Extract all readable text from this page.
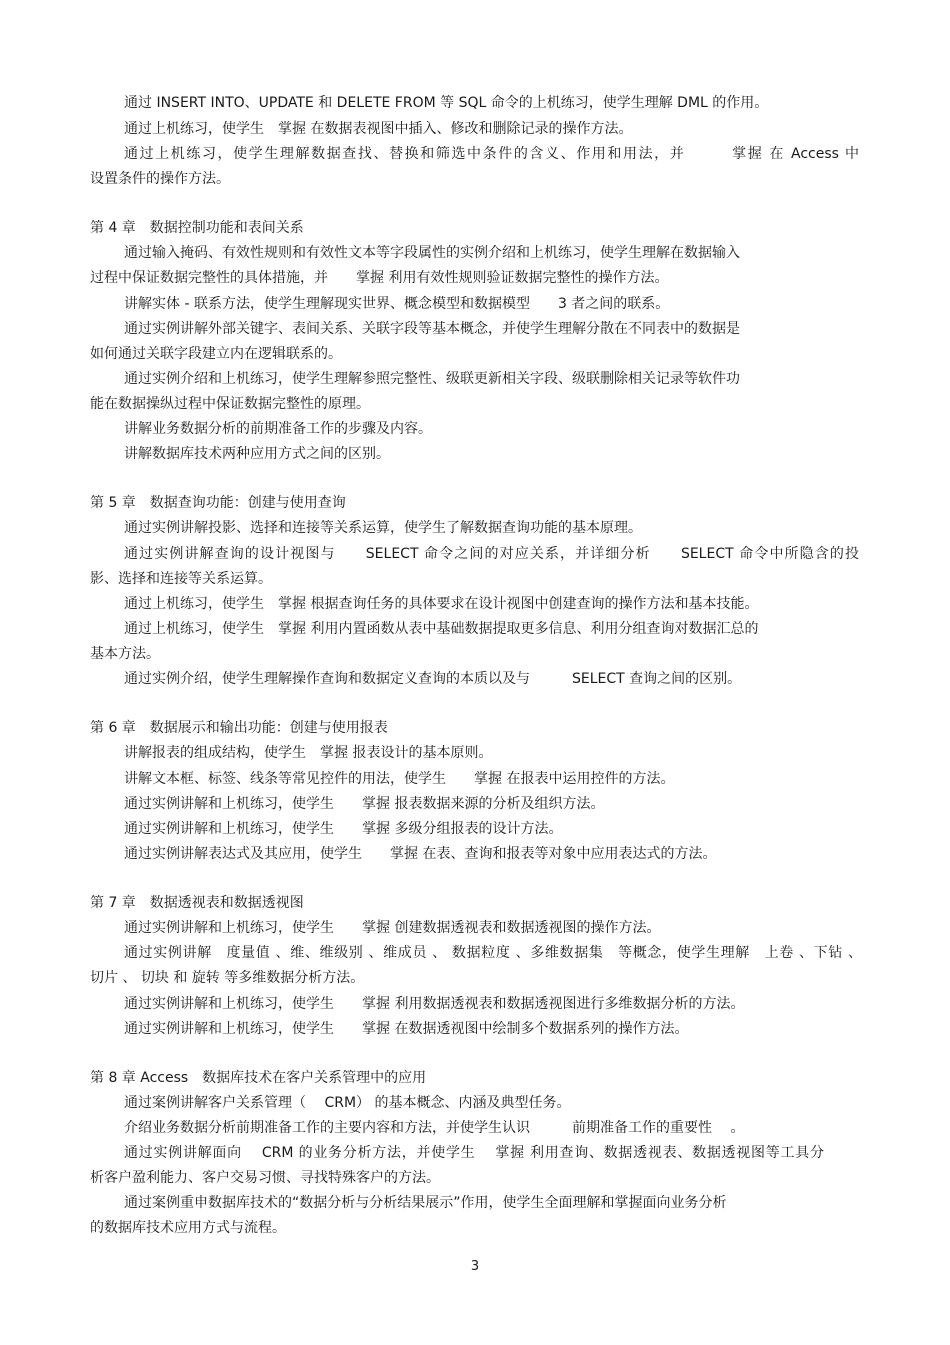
通过 INSERT INTO、UPDATE 和 DELETE FROM 等 SQL 命令的上机练习，使学生理解 DML 的作用。

通过上机练习，使学生　掌握 在数据表视图中插入、修改和删除记录的操作方法。

通过上机练习，使学生理解数据查找、替换和筛选中条件的含义、作用和用法，并　　　掌握 在 Access 中

设置条件的操作方法。

第 4 章　数据控制功能和表间关系

通过输入掩码、有效性规则和有效性文本等字段属性的实例介绍和上机练习，使学生理解在数据输入

过程中保证数据完整性的具体措施，并　　掌握 利用有效性规则验证数据完整性的操作方法。

讲解实体 - 联系方法，使学生理解现实世界、概念模型和数据模型　　3 者之间的联系。

通过实例讲解外部关键字、表间关系、关联字段等基本概念，并使学生理解分散在不同表中的数据是

如何通过关联字段建立内在逻辑联系的。

通过实例介绍和上机练习，使学生理解参照完整性、级联更新相关字段、级联删除相关记录等软件功

能在数据操纵过程中保证数据完整性的原理。

讲解业务数据分析的前期准备工作的步骤及内容。

讲解数据库技术两种应用方式之间的区别。

第 5 章　数据查询功能：创建与使用查询

通过实例讲解投影、选择和连接等关系运算，使学生了解数据查询功能的基本原理。

通过实例讲解查询的设计视图与　　SELECT 命令之间的对应关系，并详细分析　　SELECT 命令中所隐含的投

影、选择和连接等关系运算。

通过上机练习，使学生　掌握 根据查询任务的具体要求在设计视图中创建查询的操作方法和基本技能。

通过上机练习，使学生　掌握 利用内置函数从表中基础数据提取更多信息、利用分组查询对数据汇总的

基本方法。

通过实例介绍，使学生理解操作查询和数据定义查询的本质以及与　　　SELECT 查询之间的区别。

第 6 章　数据展示和输出功能：创建与使用报表

讲解报表的组成结构，使学生　掌握 报表设计的基本原则。

讲解文本框、标签、线条等常见控件的用法，使学生　　掌握 在报表中运用控件的方法。

通过实例讲解和上机练习，使学生　　掌握 报表数据来源的分析及组织方法。

通过实例讲解和上机练习，使学生　　掌握 多级分组报表的设计方法。

通过实例讲解表达式及其应用，使学生　　掌握 在表、查询和报表等对象中应用表达式的方法。

第 7 章　数据透视表和数据透视图

通过实例讲解和上机练习，使学生　　掌握 创建数据透视表和数据透视图的操作方法。

通过实例讲解　度量值 、维、维级别 、维成员 、 数据粒度 、多维数据集　等概念，使学生理解　上卷 、下钻 、

切片 、 切块 和 旋转 等多维数据分析方法。

通过实例讲解和上机练习，使学生　　掌握 利用数据透视表和数据透视图进行多维数据分析的方法。

通过实例讲解和上机练习，使学生　　掌握 在数据透视图中绘制多个数据系列的操作方法。

第 8 章 Access　数据库技术在客户关系管理中的应用

通过案例讲解客户关系管理（　 CRM） 的基本概念、内涵及典型任务。

介绍业务数据分析前期准备工作的主要内容和方法，并使学生认识　　　前期准备工作的重要性　 。

通过实例讲解面向　 CRM 的业务分析方法，并使学生　 掌握 利用查询、数据透视表、数据透视图等工具分

析客户盈利能力、客户交易习惯、寻找特殊客户的方法。

通过案例重申数据库技术的“数据分析与分析结果展示”作用，使学生全面理解和掌握面向业务分析

的数据库技术应用方式与流程。

3
